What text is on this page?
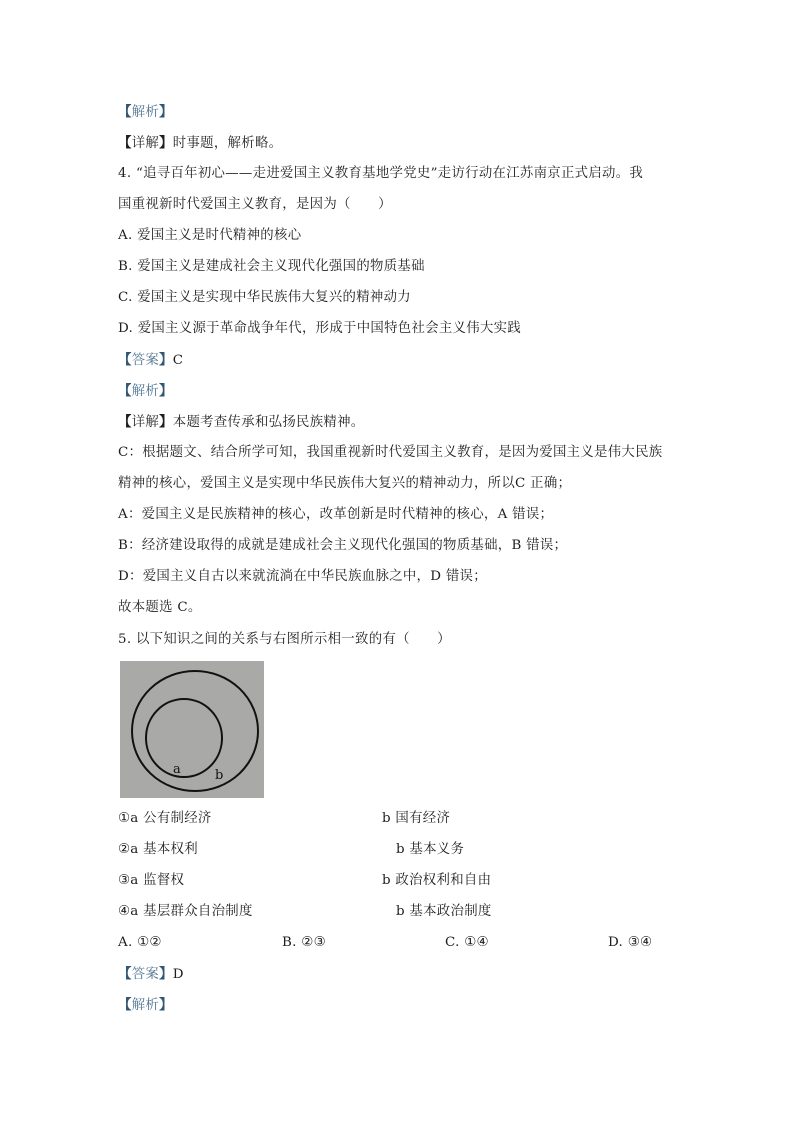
【解析】
【详解】时事题，解析略。
4. “追寻百年初心——走进爱国主义教育基地学党史”走访行动在江苏南京正式启动。我
国重视新时代爱国主义教育，是因为（　　）
A. 爱国主义是时代精神的核心
B. 爱国主义是建成社会主义现代化强国的物质基础
C. 爱国主义是实现中华民族伟大复兴的精神动力
D. 爱国主义源于革命战争年代，形成于中国特色社会主义伟大实践
【答案】C
【解析】
【详解】本题考查传承和弘扬民族精神。
C：根据题文、结合所学可知，我国重视新时代爱国主义教育，是因为爱国主义是伟大民族
精神的核心，爱国主义是实现中华民族伟大复兴的精神动力，所以C 正确；
A：爱国主义是民族精神的核心，改革创新是时代精神的核心，A 错误；
B：经济建设取得的成就是建成社会主义现代化强国的物质基础，B 错误；
D：爱国主义自古以来就流淌在中华民族血脉之中，D 错误；
故本题选 C。
5. 以下知识之间的关系与右图所示相一致的有（　　）
a	b
①a 公有制经济	b 国有经济
②a 基本权利	b 基本义务
③a 监督权	b 政治权利和自由
④a 基层群众自治制度	b 基本政治制度
A. ①②	B. ②③	C. ①④	D. ③④
【答案】D
【解析】
